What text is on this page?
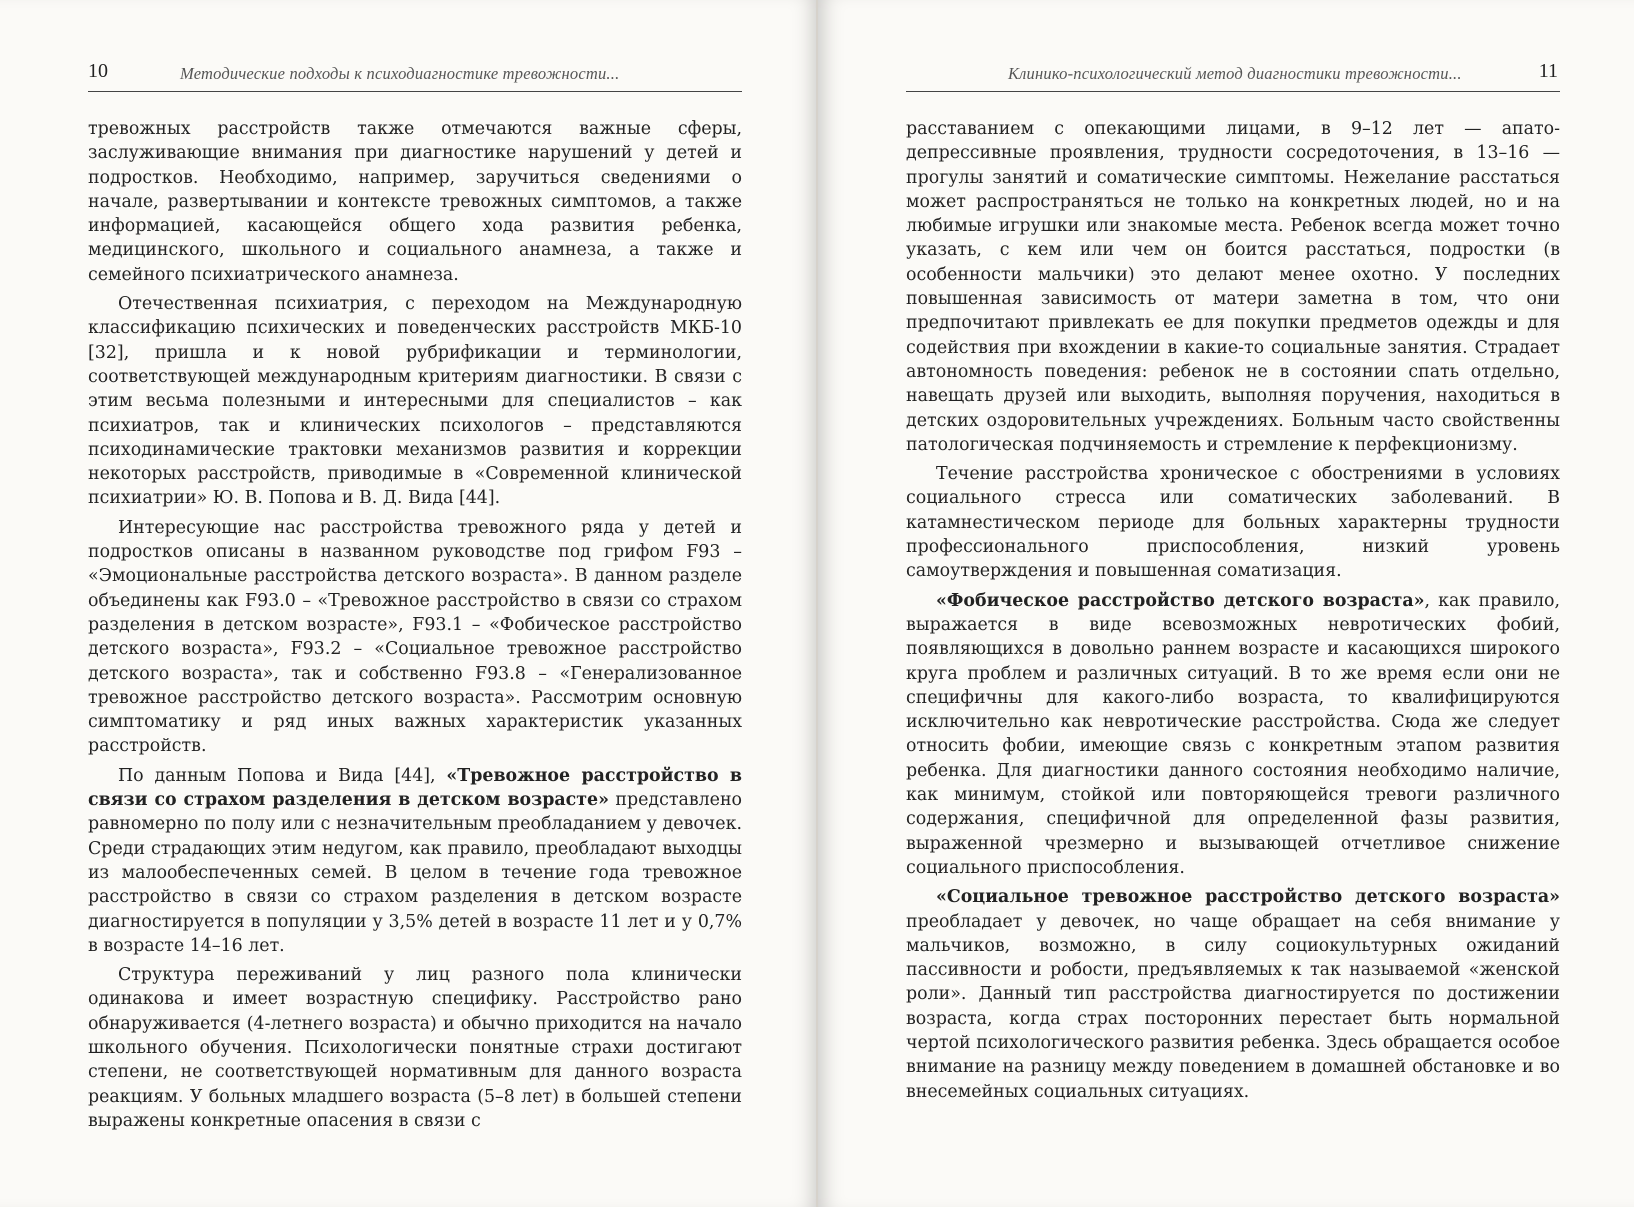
10	Методические подходы к психодиагностике тревожности...

тревожных расстройств также отмечаются важные сферы, заслуживающие внимания при диагностике нарушений у детей и подростков. Необходимо, например, заручиться сведениями о начале, развертывании и контексте тревожных симптомов, а также информацией, касающейся общего хода развития ребенка, медицинского, школьного и социального анамнеза, а также и семейного психиатрического анамнеза.

Отечественная психиатрия, с переходом на Международную классификацию психических и поведенческих расстройств МКБ-10 [32], пришла и к новой рубрификации и терминологии, соответствующей международным критериям диагностики. В связи с этим весьма полезными и интересными для специалистов – как психиатров, так и клинических психологов – представляются психодинамические трактовки механизмов развития и коррекции некоторых расстройств, приводимые в «Современной клинической психиатрии» Ю. В. Попова и В. Д. Вида [44].

Интересующие нас расстройства тревожного ряда у детей и подростков описаны в названном руководстве под грифом F93 – «Эмоциональные расстройства детского возраста». В данном разделе объединены как F93.0 – «Тревожное расстройство в связи со страхом разделения в детском возрасте», F93.1 – «Фобическое расстройство детского возраста», F93.2 – «Социальное тревожное расстройство детского возраста», так и собственно F93.8 – «Генерализованное тревожное расстройство детского возраста». Рассмотрим основную симптоматику и ряд иных важных характеристик указанных расстройств.

По данным Попова и Вида [44], «Тревожное расстройство в связи со страхом разделения в детском возрасте» представлено равномерно по полу или с незначительным преобладанием у девочек. Среди страдающих этим недугом, как правило, преобладают выходцы из малообеспеченных семей. В целом в течение года тревожное расстройство в связи со страхом разделения в детском возрасте диагностируется в популяции у 3,5% детей в возрасте 11 лет и у 0,7% в возрасте 14–16 лет.

Структура переживаний у лиц разного пола клинически одинакова и имеет возрастную специфику. Расстройство рано обнаруживается (4-летнего возраста) и обычно приходится на начало школьного обучения. Психологически понятные страхи достигают степени, не соответствующей нормативным для данного возраста реакциям. У больных младшего возраста (5–8 лет) в большей степени выражены конкретные опасения в связи с

Клинико-психологический метод диагностики тревожности...	11

расставанием с опекающими лицами, в 9–12 лет — апато-депрессивные проявления, трудности сосредоточения, в 13–16 — прогулы занятий и соматические симптомы. Нежелание расстаться может распространяться не только на конкретных людей, но и на любимые игрушки или знакомые места. Ребенок всегда может точно указать, с кем или чем он боится расстаться, подростки (в особенности мальчики) это делают менее охотно. У последних повышенная зависимость от матери заметна в том, что они предпочитают привлекать ее для покупки предметов одежды и для содействия при вхождении в какие-то социальные занятия. Страдает автономность поведения: ребенок не в состоянии спать отдельно, навещать друзей или выходить, выполняя поручения, находиться в детских оздоровительных учреждениях. Больным часто свойственны патологическая подчиняемость и стремление к перфекционизму.

Течение расстройства хроническое с обострениями в условиях социального стресса или соматических заболеваний. В катамнестическом периоде для больных характерны трудности профессионального приспособления, низкий уровень самоутверждения и повышенная соматизация.

«Фобическое расстройство детского возраста», как правило, выражается в виде всевозможных невротических фобий, появляющихся в довольно раннем возрасте и касающихся широкого круга проблем и различных ситуаций. В то же время если они не специфичны для какого-либо возраста, то квалифицируются исключительно как невротические расстройства. Сюда же следует относить фобии, имеющие связь с конкретным этапом развития ребенка. Для диагностики данного состояния необходимо наличие, как минимум, стойкой или повторяющейся тревоги различного содержания, специфичной для определенной фазы развития, выраженной чрезмерно и вызывающей отчетливое снижение социального приспособления.

«Социальное тревожное расстройство детского возраста» преобладает у девочек, но чаще обращает на себя внимание у мальчиков, возможно, в силу социокультурных ожиданий пассивности и робости, предъявляемых к так называемой «женской роли». Данный тип расстройства диагностируется по достижении возраста, когда страх посторонних перестает быть нормальной чертой психологического развития ребенка. Здесь обращается особое внимание на разницу между поведением в домашней обстановке и во внесемейных социальных ситуациях.
